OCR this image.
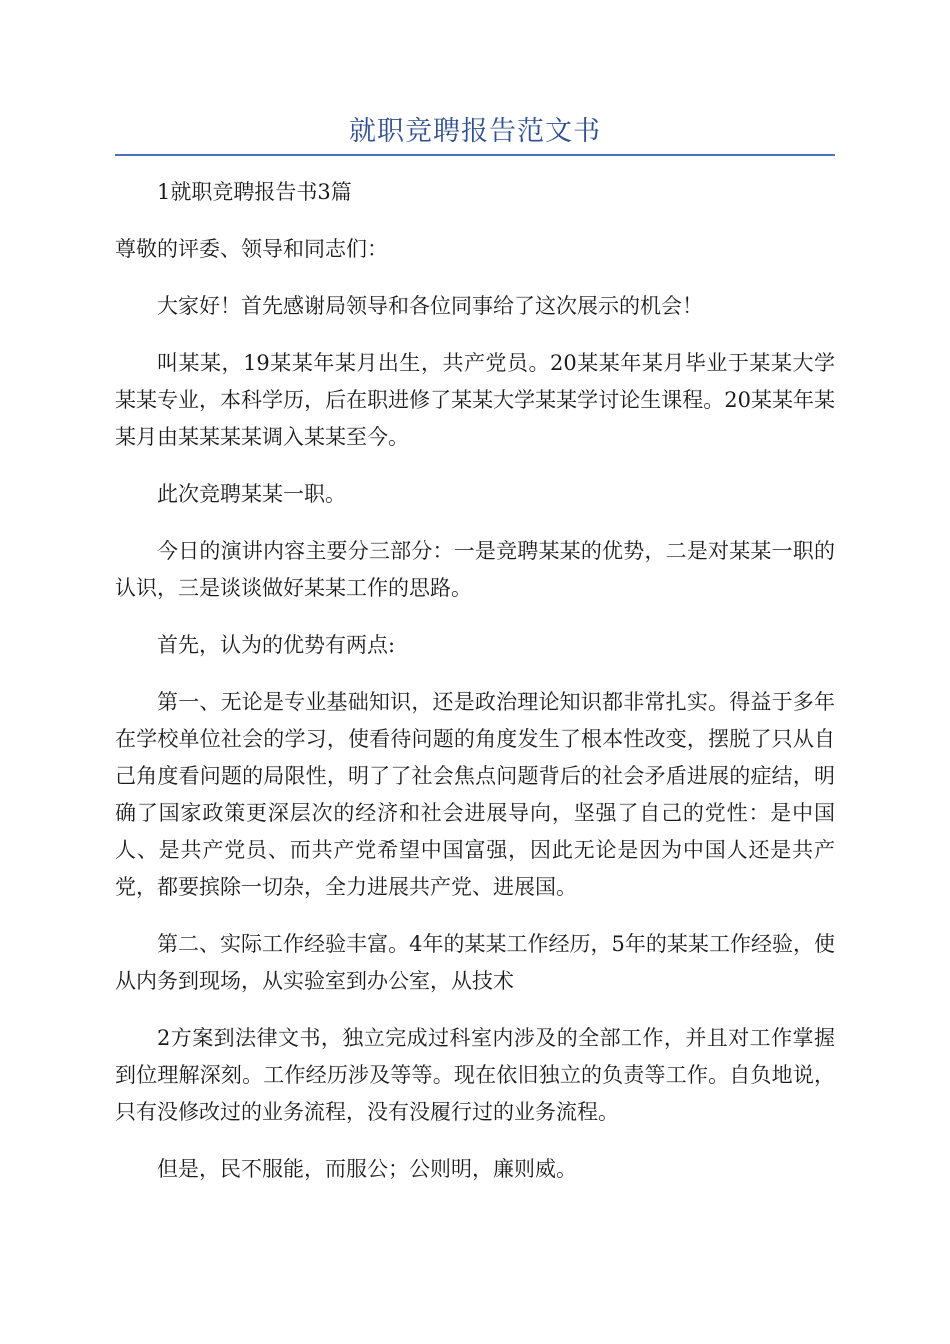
就职竞聘报告范文书

1就职竞聘报告书3篇

尊敬的评委、领导和同志们：

大家好！首先感谢局领导和各位同事给了这次展示的机会！

叫某某，19某某年某月出生，共产党员。20某某年某月毕业于某某大学某某专业，本科学历，后在职进修了某某大学某某学讨论生课程。20某某年某某月由某某某某调入某某至今。

此次竞聘某某一职。

今日的演讲内容主要分三部分：一是竞聘某某的优势，二是对某某一职的认识，三是谈谈做好某某工作的思路。

首先，认为的优势有两点:

第一、无论是专业基础知识，还是政治理论知识都非常扎实。得益于多年在学校单位社会的学习，使看待问题的角度发生了根本性改变，摆脱了只从自己角度看问题的局限性，明了了社会焦点问题背后的社会矛盾进展的症结，明确了国家政策更深层次的经济和社会进展导向，坚强了自己的党性：是中国人、是共产党员、而共产党希望中国富强，因此无论是因为中国人还是共产党，都要摈除一切杂，全力进展共产党、进展国。

第二、实际工作经验丰富。4年的某某工作经历，5年的某某工作经验，使从内务到现场，从实验室到办公室，从技术

2方案到法律文书，独立完成过科室内涉及的全部工作，并且对工作掌握到位理解深刻。工作经历涉及等等。现在依旧独立的负责等工作。自负地说，只有没修改过的业务流程，没有没履行过的业务流程。

但是，民不服能，而服公；公则明，廉则威。
